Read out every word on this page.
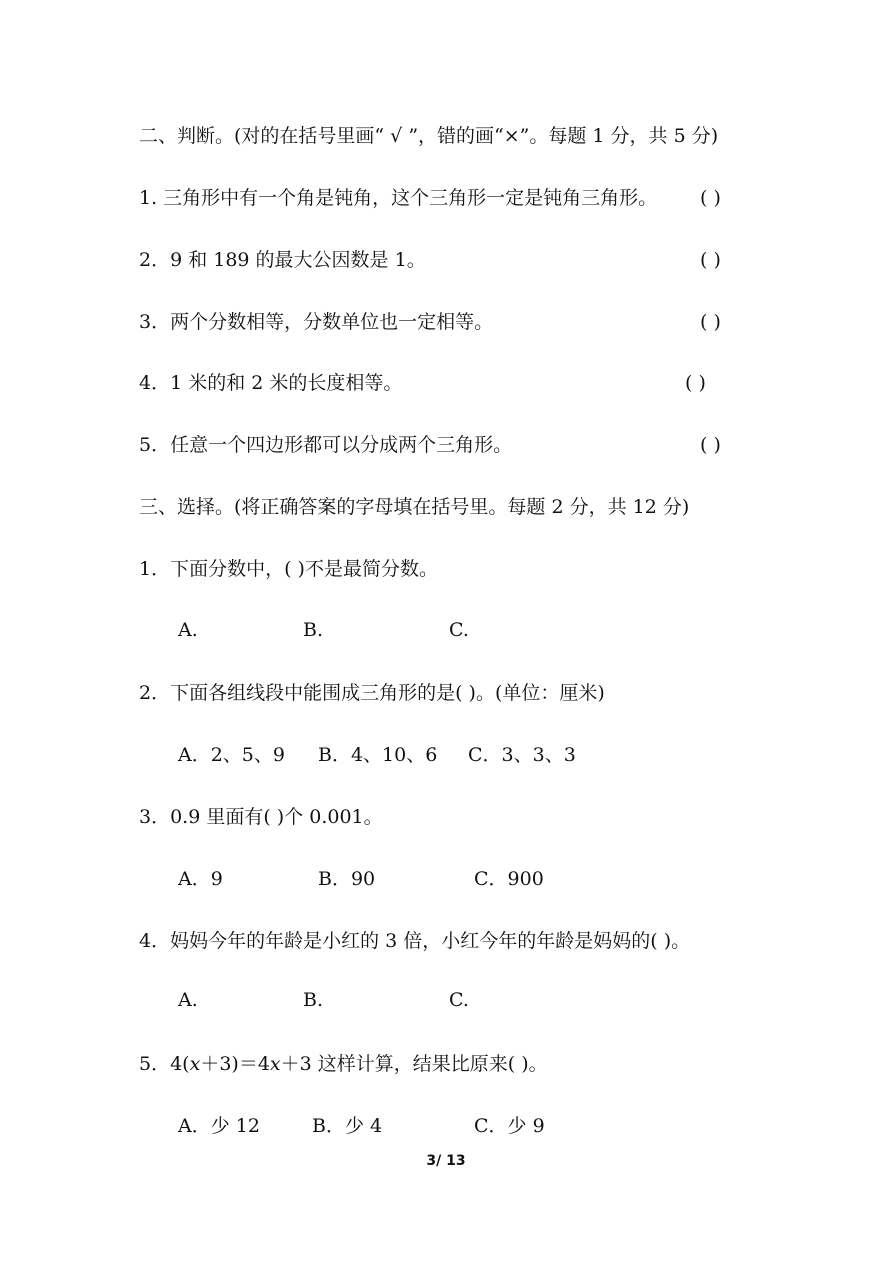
二、判断。(对的在括号里画“ √ ”，错的画“×”。每题 1 分，共 5 分)
1. 三角形中有一个角是钝角，这个三角形一定是钝角三角形。 ( )
2．9 和 189 的最大公因数是 1。	( )
3．两个分数相等，分数单位也一定相等。	( )
4．1 米的和 2 米的长度相等。	( )
5．任意一个四边形都可以分成两个三角形。	( )
三、选择。(将正确答案的字母填在括号里。每题 2 分，共 12 分)
1．下面分数中，( )不是最简分数。
A.	B.	C.
2．下面各组线段中能围成三角形的是( )。(单位：厘米)
A．2、5、9 B．4、10、6 C．3、3、3
3．0.9 里面有( )个 0.001。
A．9	B．90	C．900
4．妈妈今年的年龄是小红的 3 倍，小红今年的年龄是妈妈的( )。
A.	B.	C.
5．4(x＋3)＝4x＋3 这样计算，结果比原来( )。
A．少 12	B．少 4	C．少 9
3/ 13
